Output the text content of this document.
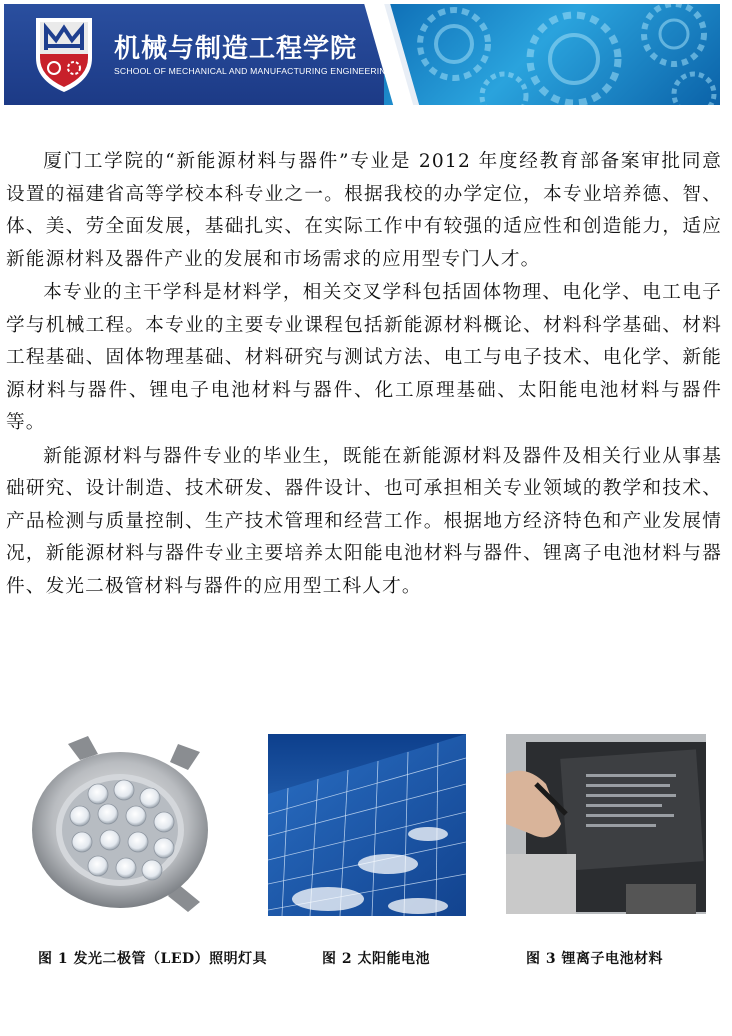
机械与制造工程学院
SCHOOL OF MECHANICAL AND MANUFACTURING ENGINEERING

厦门工学院的“新能源材料与器件”专业是 2012 年度经教育部备案审批同意设置的福建省高等学校本科专业之一。根据我校的办学定位，本专业培养德、智、体、美、劳全面发展，基础扎实、在实际工作中有较强的适应性和创造能力，适应新能源材料及器件产业的发展和市场需求的应用型专门人才。

本专业的主干学科是材料学，相关交叉学科包括固体物理、电化学、电工电子学与机械工程。本专业的主要专业课程包括新能源材料概论、材料科学基础、材料工程基础、固体物理基础、材料研究与测试方法、电工与电子技术、电化学、新能源材料与器件、锂电子电池材料与器件、化工原理基础、太阳能电池材料与器件等。

新能源材料与器件专业的毕业生，既能在新能源材料及器件及相关行业从事基础研究、设计制造、技术研发、器件设计、也可承担相关专业领域的教学和技术、产品检测与质量控制、生产技术管理和经营工作。根据地方经济特色和产业发展情况，新能源材料与器件专业主要培养太阳能电池材料与器件、锂离子电池材料与器件、发光二极管材料与器件的应用型工科人才。

图 1 发光二极管（LED）照明灯具	图 2 太阳能电池	图 3 锂离子电池材料
